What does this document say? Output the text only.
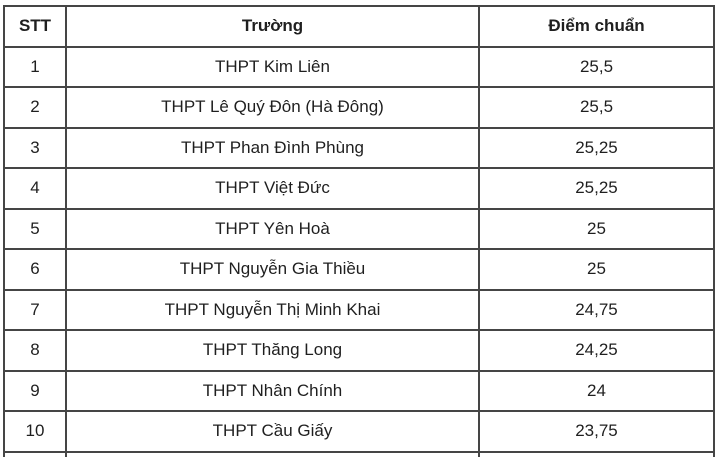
STT	Trường	Điểm chuẩn
1	THPT Kim Liên	25,5
2	THPT Lê Quý Đôn (Hà Đông)	25,5
3	THPT Phan Đình Phùng	25,25
4	THPT Việt Đức	25,25
5	THPT Yên Hoà	25
6	THPT Nguyễn Gia Thiều	25
7	THPT Nguyễn Thị Minh Khai	24,75
8	THPT Thăng Long	24,25
9	THPT Nhân Chính	24
10	THPT Cầu Giấy	23,75
